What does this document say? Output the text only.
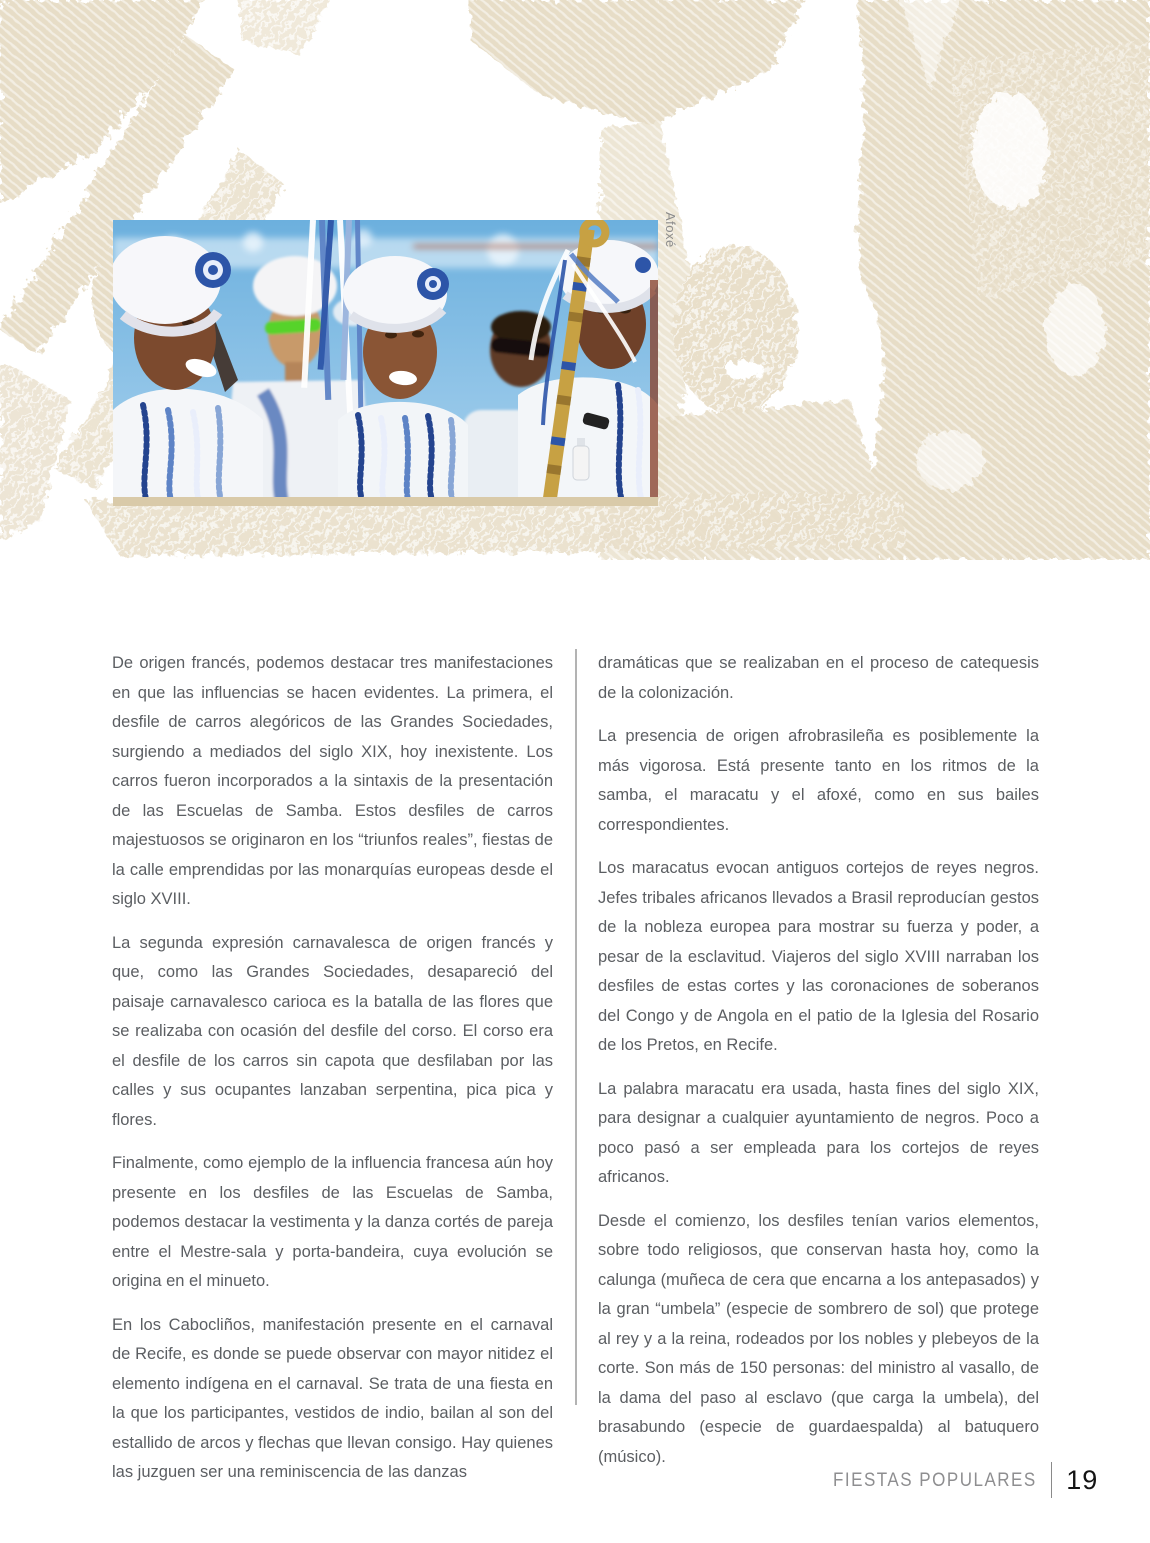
Afoxé

De origen francés, podemos destacar tres manifestaciones en que las influencias se hacen evidentes. La primera, el desfile de carros alegóricos de las Grandes Sociedades, surgiendo a mediados del siglo XIX, hoy inexistente. Los carros fueron incorporados a la sintaxis de la presentación de las Escuelas de Samba. Estos desfiles de carros majestuosos se originaron en los “triunfos reales”, fiestas de la calle emprendidas por las monarquías europeas desde el siglo XVIII.

La segunda expresión carnavalesca de origen francés y que, como las Grandes Sociedades, desapareció del paisaje carnavalesco carioca es la batalla de las flores que se realizaba con ocasión del desfile del corso. El corso era el desfile de los carros sin capota que desfilaban por las calles y sus ocupantes lanzaban serpentina, pica pica y flores.

Finalmente, como ejemplo de la influencia francesa aún hoy presente en los desfiles de las Escuelas de Samba, podemos destacar la vestimenta y la danza cortés de pareja entre el Mestre-sala y porta-bandeira, cuya evolución se origina en el minueto.

En los Cabocliños, manifestación presente en el carnaval de Recife, es donde se puede observar con mayor nitidez el elemento indígena en el carnaval. Se trata de una fiesta en la que los participantes, vestidos de indio, bailan al son del estallido de arcos y flechas que llevan consigo. Hay quienes las juzguen ser una reminiscencia de las danzas

dramáticas que se realizaban en el proceso de catequesis de la colonización.

La presencia de origen afrobrasileña es posiblemente la más vigorosa. Está presente tanto en los ritmos de la samba, el maracatu y el afoxé, como en sus bailes correspondientes.

Los maracatus evocan antiguos cortejos de reyes negros. Jefes tribales africanos llevados a Brasil reproducían gestos de la nobleza europea para mostrar su fuerza y poder, a pesar de la esclavitud. Viajeros del siglo XVIII narraban los desfiles de estas cortes y las coronaciones de soberanos del Congo y de Angola en el patio de la Iglesia del Rosario de los Pretos, en Recife.

La palabra maracatu era usada, hasta fines del siglo XIX, para designar a cualquier ayuntamiento de negros. Poco a poco pasó a ser empleada para los cortejos de reyes africanos.

Desde el comienzo, los desfiles tenían varios elementos, sobre todo religiosos, que conservan hasta hoy, como la calunga (muñeca de cera que encarna a los antepasados) y la gran “umbela” (especie de sombrero de sol) que protege al rey y a la reina, rodeados por los nobles y plebeyos de la corte. Son más de 150 personas: del ministro al vasallo, de la dama del paso al esclavo (que carga la umbela), del brasabundo (especie de guardaespalda) al batuquero (músico).

FIESTAS POPULARES 19
